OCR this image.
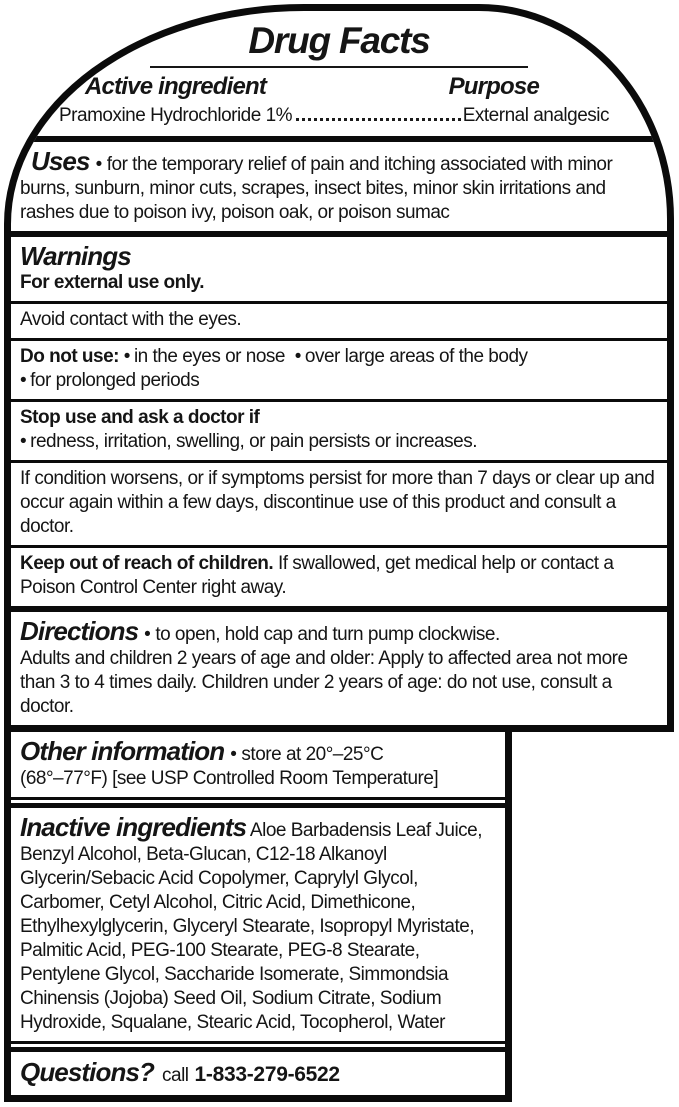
Drug Facts
Active ingredient	Purpose
Pramoxine Hydrochloride 1%	External analgesic
Uses • for the temporary relief of pain and itching associated with minor burns, sunburn, minor cuts, scrapes, insect bites, minor skin irritations and rashes due to poison ivy, poison oak, or poison sumac
Warnings
For external use only.
Avoid contact with the eyes.
Do not use: • in the eyes or nose • over large areas of the body • for prolonged periods
Stop use and ask a doctor if
• redness, irritation, swelling, or pain persists or increases.
If condition worsens, or if symptoms persist for more than 7 days or clear up and occur again within a few days, discontinue use of this product and consult a doctor.
Keep out of reach of children. If swallowed, get medical help or contact a Poison Control Center right away.
Directions • to open, hold cap and turn pump clockwise.
Adults and children 2 years of age and older: Apply to affected area not more than 3 to 4 times daily. Children under 2 years of age: do not use, consult a doctor.
Other information • store at 20°–25°C
(68°–77°F) [see USP Controlled Room Temperature]
Inactive ingredients Aloe Barbadensis Leaf Juice, Benzyl Alcohol, Beta-Glucan, C12-18 Alkanoyl Glycerin/Sebacic Acid Copolymer, Caprylyl Glycol, Carbomer, Cetyl Alcohol, Citric Acid, Dimethicone, Ethylhexylglycerin, Glyceryl Stearate, Isopropyl Myristate, Palmitic Acid, PEG-100 Stearate, PEG-8 Stearate, Pentylene Glycol, Saccharide Isomerate, Simmondsia Chinensis (Jojoba) Seed Oil, Sodium Citrate, Sodium Hydroxide, Squalane, Stearic Acid, Tocopherol, Water
Questions? call 1-833-279-6522
